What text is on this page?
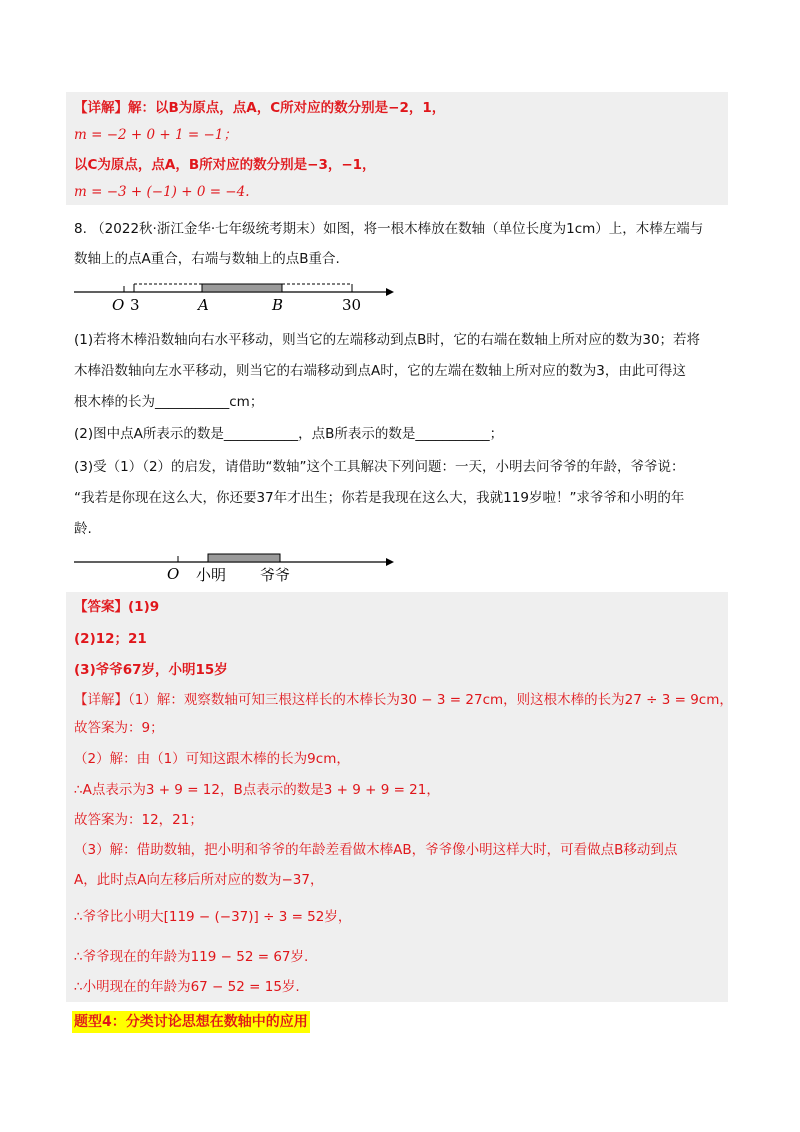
【详解】解：以B为原点，点A，C所对应的数分别是−2，1，
m = −2 + 0 + 1 = −1；
以C为原点，点A，B所对应的数分别是−3，−1，
m = −3 + (−1) + 0 = −4.
8. （2022秋·浙江金华·七年级统考期末）如图，将一根木棒放在数轴（单位长度为1cm）上，木棒左端与
数轴上的点A重合，右端与数轴上的点B重合.
O 3	A	B	30
(1)若将木棒沿数轴向右水平移动，则当它的左端移动到点B时，它的右端在数轴上所对应的数为30；若将
木棒沿数轴向左水平移动，则当它的右端移动到点A时，它的左端在数轴上所对应的数为3，由此可得这
根木棒的长为___________cm；
(2)图中点A所表示的数是___________，点B所表示的数是___________；
(3)受（1）（2）的启发，请借助“数轴”这个工具解决下列问题：一天，小明去问爷爷的年龄，爷爷说：
“我若是你现在这么大，你还要37年才出生；你若是我现在这么大，我就119岁啦！”求爷爷和小明的年
龄.
O 小明 爷爷
【答案】(1)9
(2)12；21
(3)爷爷67岁，小明15岁
【详解】（1）解：观察数轴可知三根这样长的木棒长为30 − 3 = 27cm，则这根木棒的长为27 ÷ 3 = 9cm，
故答案为：9；
（2）解：由（1）可知这跟木棒的长为9cm，
∴A点表示为3 + 9 = 12，B点表示的数是3 + 9 + 9 = 21，
故答案为：12，21；
（3）解：借助数轴，把小明和爷爷的年龄差看做木棒AB，爷爷像小明这样大时，可看做点B移动到点
A，此时点A向左移后所对应的数为−37，
∴爷爷比小明大[119 − (−37)] ÷ 3 = 52岁，
∴爷爷现在的年龄为119 − 52 = 67岁.
∴小明现在的年龄为67 − 52 = 15岁.
题型4：分类讨论思想在数轴中的应用
